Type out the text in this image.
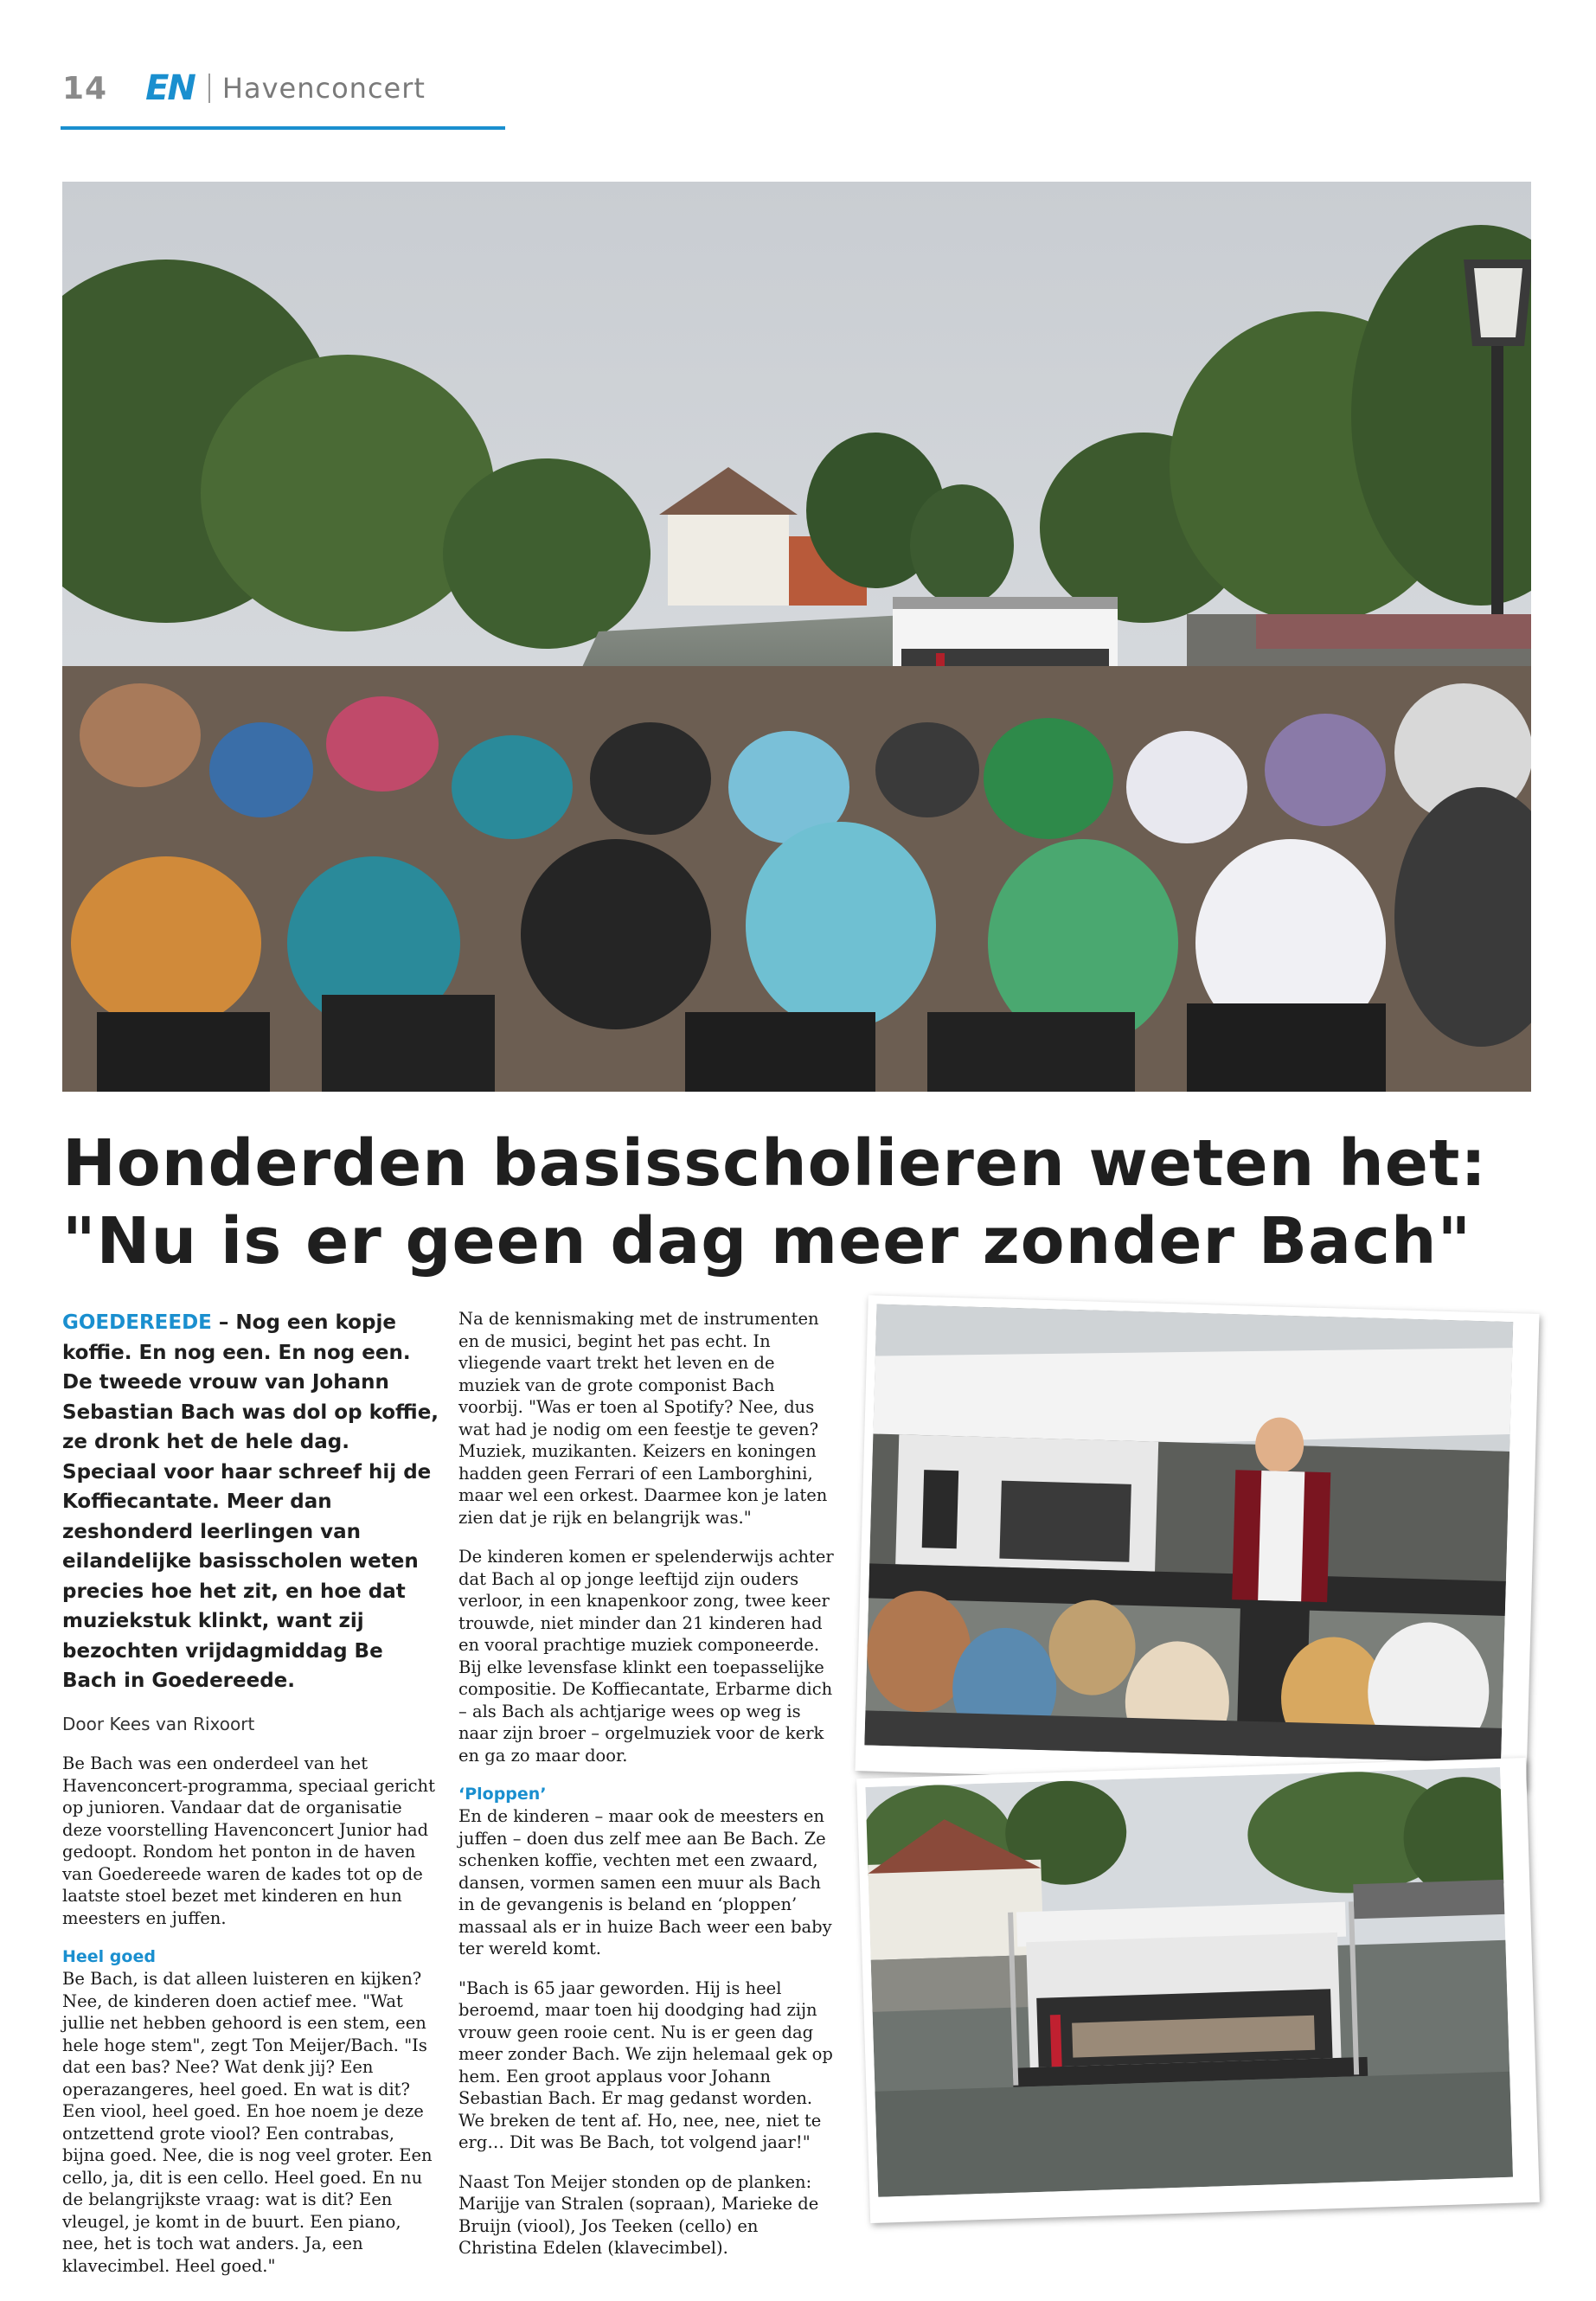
14 EN Havenconcert
Honderden basisscholieren weten het:
"Nu is er geen dag meer zonder Bach"

GOEDEREEDE – Nog een kopje koffie. En nog een. En nog een. De tweede vrouw van Johann Sebastian Bach was dol op koffie, ze dronk het de hele dag. Speciaal voor haar schreef hij de Koffiecantate. Meer dan zeshonderd leerlingen van eilandelijke basisscholen weten precies hoe het zit, en hoe dat muziekstuk klinkt, want zij bezochten vrijdagmiddag Be Bach in Goedereede.

Door Kees van Rixoort

Be Bach was een onderdeel van het Havenconcert-programma, speciaal gericht op junioren. Vandaar dat de organisatie deze voorstelling Havenconcert Junior had gedoopt. Rondom het ponton in de haven van Goedereede waren de kades tot op de laatste stoel bezet met kinderen en hun meesters en juffen.

Heel goed
Be Bach, is dat alleen luisteren en kijken? Nee, de kinderen doen actief mee. "Wat jullie net hebben gehoord is een stem, een hele hoge stem", zegt Ton Meijer/Bach. "Is dat een bas? Nee? Wat denk jij? Een operazangeres, heel goed. En wat is dit? Een viool, heel goed. En hoe noem je deze ontzettend grote viool? Een contrabas, bijna goed. Nee, die is nog veel groter. Een cello, ja, dit is een cello. Heel goed. En nu de belangrijkste vraag: wat is dit? Een vleugel, je komt in de buurt. Een piano, nee, het is toch wat anders. Ja, een klavecimbel. Heel goed."

Na de kennismaking met de instrumenten en de musici, begint het pas echt. In vliegende vaart trekt het leven en de muziek van de grote componist Bach voorbij. "Was er toen al Spotify? Nee, dus wat had je nodig om een feestje te geven? Muziek, muzikanten. Keizers en koningen hadden geen Ferrari of een Lamborghini, maar wel een orkest. Daarmee kon je laten zien dat je rijk en belangrijk was."

De kinderen komen er spelenderwijs achter dat Bach al op jonge leeftijd zijn ouders verloor, in een knapenkoor zong, twee keer trouwde, niet minder dan 21 kinderen had en vooral prachtige muziek componeerde. Bij elke levensfase klinkt een toepasselijke compositie. De Koffiecantate, Erbarme dich – als Bach als achtjarige wees op weg is naar zijn broer – orgelmuziek voor de kerk en ga zo maar door.

‘Ploppen’
En de kinderen – maar ook de meesters en juffen – doen dus zelf mee aan Be Bach. Ze schenken koffie, vechten met een zwaard, dansen, vormen samen een muur als Bach in de gevangenis is beland en ‘ploppen’ massaal als er in huize Bach weer een baby ter wereld komt.

"Bach is 65 jaar geworden. Hij is heel beroemd, maar toen hij doodging had zijn vrouw geen rooie cent. Nu is er geen dag meer zonder Bach. We zijn helemaal gek op hem. Een groot applaus voor Johann Sebastian Bach. Er mag gedanst worden. We breken de tent af. Ho, nee, nee, niet te erg… Dit was Be Bach, tot volgend jaar!"

Naast Ton Meijer stonden op de planken: Marijje van Stralen (sopraan), Marieke de Bruijn (viool), Jos Teeken (cello) en Christina Edelen (klavecimbel).
